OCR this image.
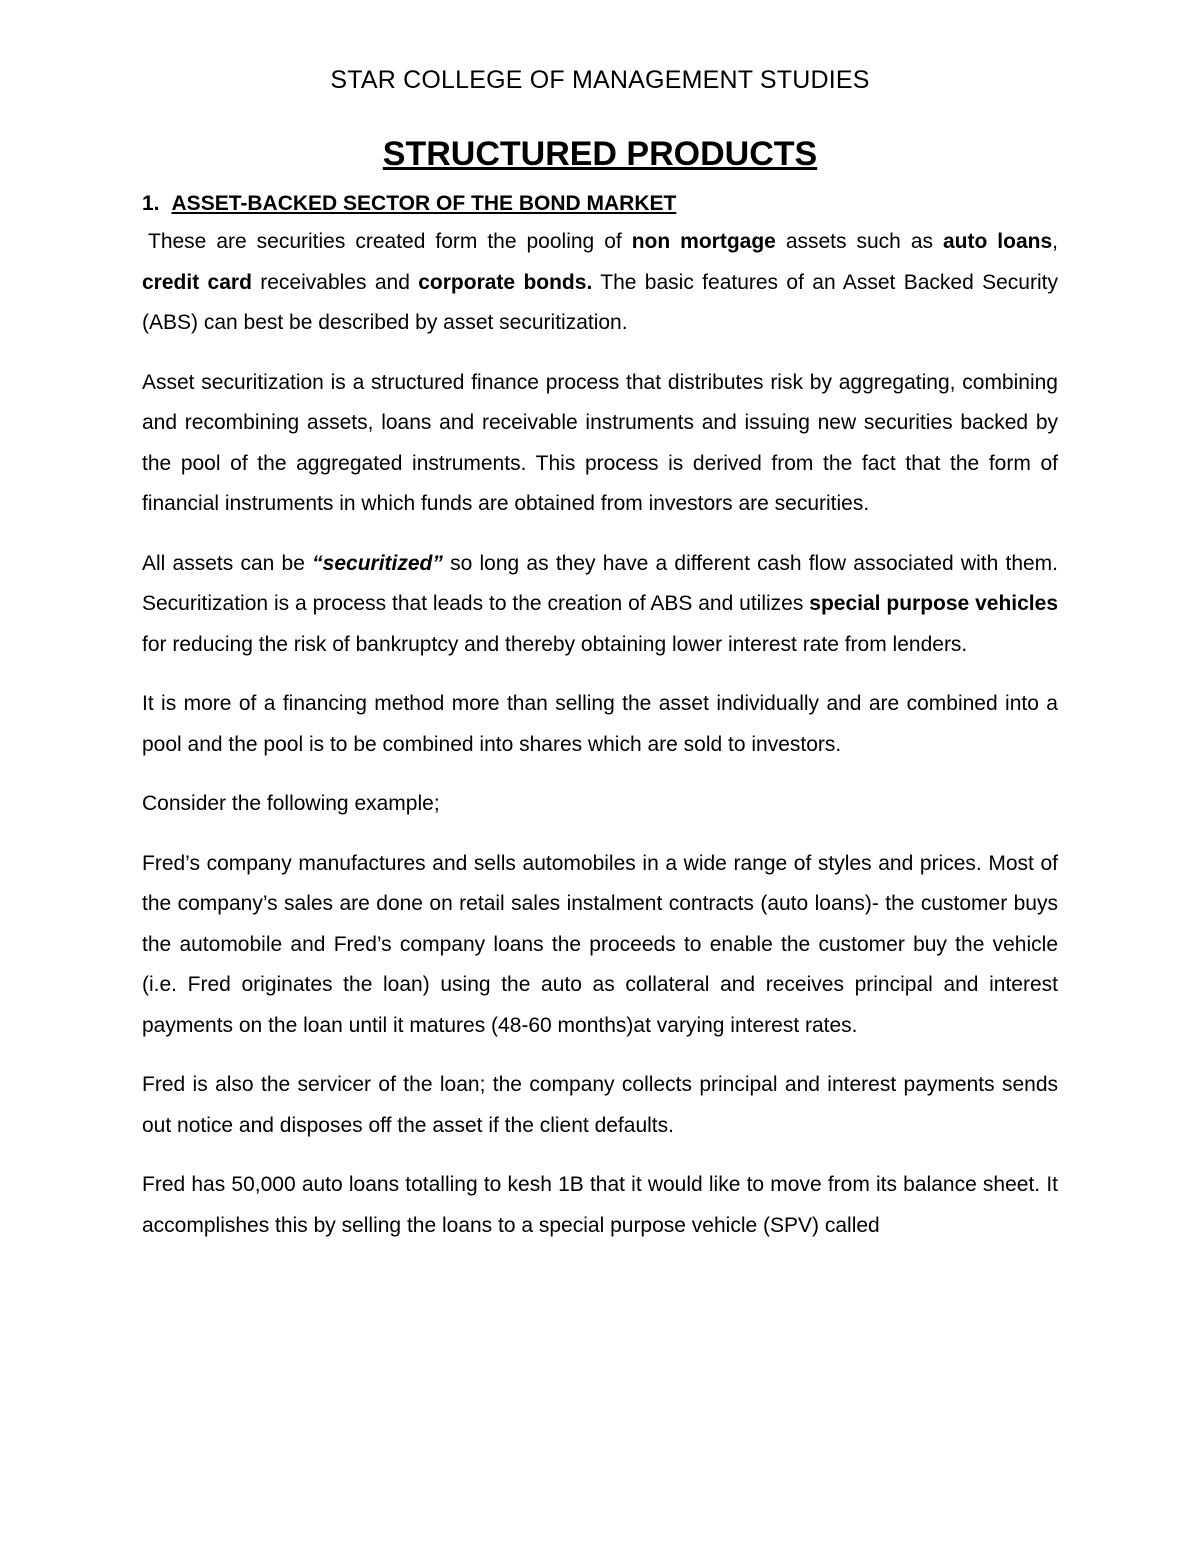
STAR COLLEGE OF MANAGEMENT STUDIES
STRUCTURED PRODUCTS
1. ASSET-BACKED SECTOR OF THE BOND MARKET

These are securities created form the pooling of non mortgage assets such as auto loans, credit card receivables and corporate bonds. The basic features of an Asset Backed Security (ABS) can best be described by asset securitization.

Asset securitization is a structured finance process that distributes risk by aggregating, combining and recombining assets, loans and receivable instruments and issuing new securities backed by the pool of the aggregated instruments. This process is derived from the fact that the form of financial instruments in which funds are obtained from investors are securities.

All assets can be “securitized” so long as they have a different cash flow associated with them. Securitization is a process that leads to the creation of ABS and utilizes special purpose vehicles for reducing the risk of bankruptcy and thereby obtaining lower interest rate from lenders.

It is more of a financing method more than selling the asset individually and are combined into a pool and the pool is to be combined into shares which are sold to investors.

Consider the following example;

Fred’s company manufactures and sells automobiles in a wide range of styles and prices. Most of the company’s sales are done on retail sales instalment contracts (auto loans)- the customer buys the automobile and Fred’s company loans the proceeds to enable the customer buy the vehicle (i.e. Fred originates the loan) using the auto as collateral and receives principal and interest payments on the loan until it matures (48-60 months)at varying interest rates.

Fred is also the servicer of the loan; the company collects principal and interest payments sends out notice and disposes off the asset if the client defaults.

Fred has 50,000 auto loans totalling to kesh 1B that it would like to move from its balance sheet. It accomplishes this by selling the loans to a special purpose vehicle (SPV) called
